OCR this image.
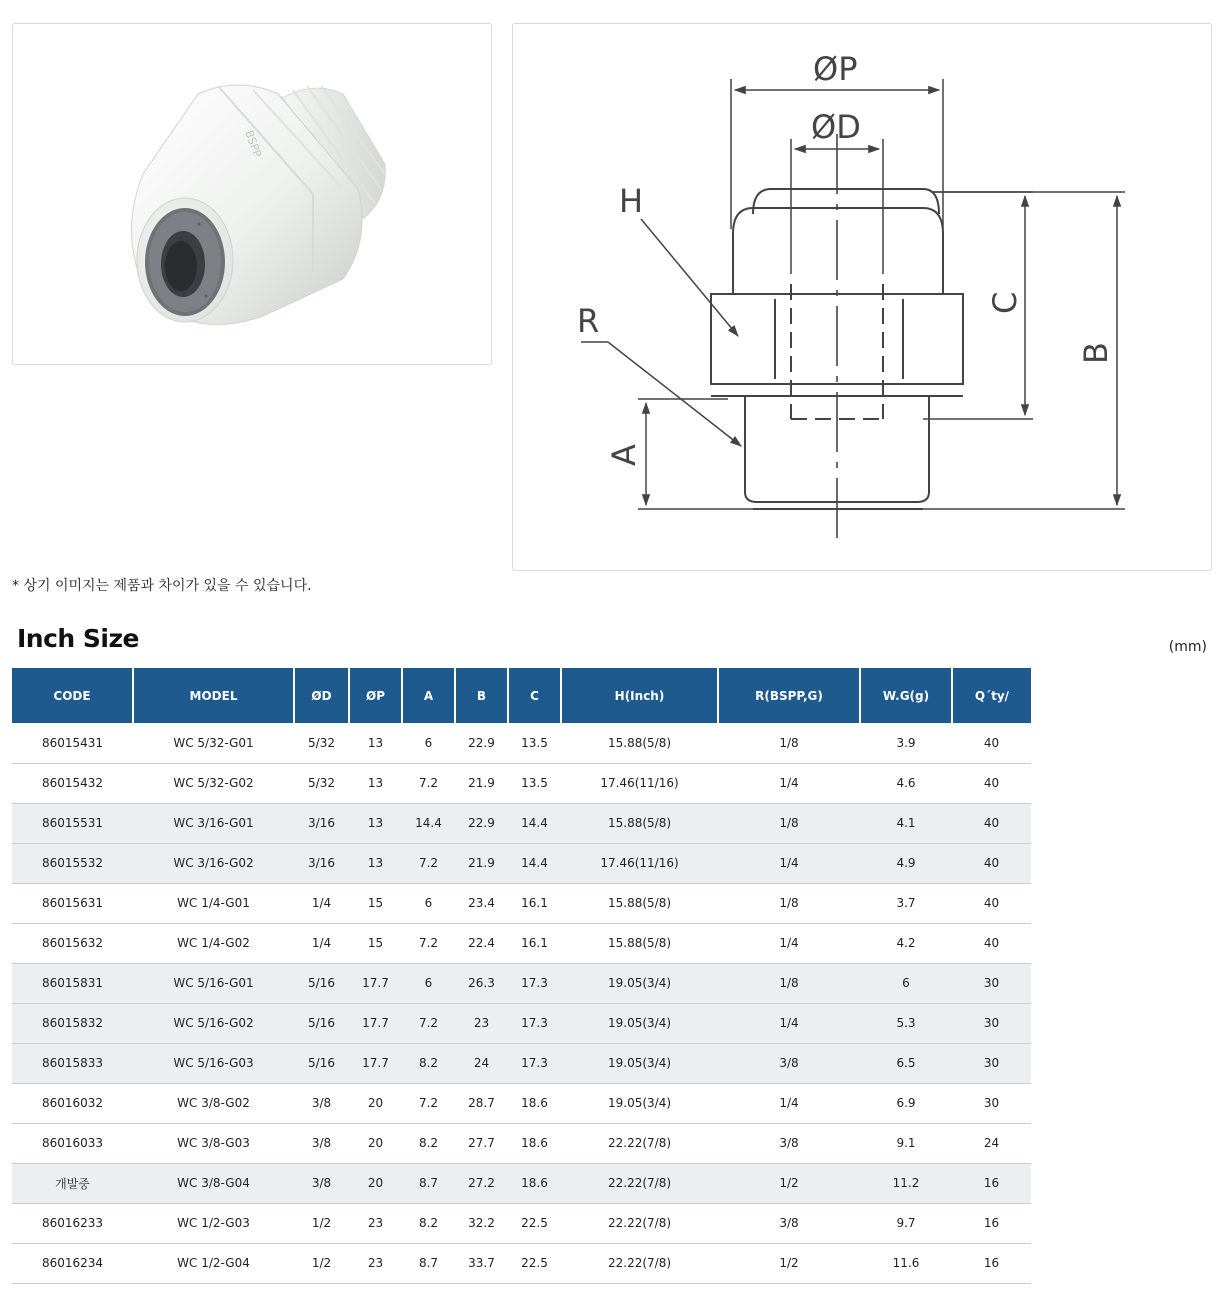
BSPP
ØP
ØD
H
R
A
C
B
* 상기 이미지는 제품과 차이가 있을 수 있습니다.
Inch Size	(mm)
CODE	MODEL	ØD	ØP	A	B	C	H(Inch)	R(BSPP,G)	W.G(g)	Q´ty/
86015431	WC 5/32-G01	5/32	13	6	22.9	13.5	15.88(5/8)	1/8	3.9	40
86015432	WC 5/32-G02	5/32	13	7.2	21.9	13.5	17.46(11/16)	1/4	4.6	40
86015531	WC 3/16-G01	3/16	13	14.4	22.9	14.4	15.88(5/8)	1/8	4.1	40
86015532	WC 3/16-G02	3/16	13	7.2	21.9	14.4	17.46(11/16)	1/4	4.9	40
86015631	WC 1/4-G01	1/4	15	6	23.4	16.1	15.88(5/8)	1/8	3.7	40
86015632	WC 1/4-G02	1/4	15	7.2	22.4	16.1	15.88(5/8)	1/4	4.2	40
86015831	WC 5/16-G01	5/16	17.7	6	26.3	17.3	19.05(3/4)	1/8	6	30
86015832	WC 5/16-G02	5/16	17.7	7.2	23	17.3	19.05(3/4)	1/4	5.3	30
86015833	WC 5/16-G03	5/16	17.7	8.2	24	17.3	19.05(3/4)	3/8	6.5	30
86016032	WC 3/8-G02	3/8	20	7.2	28.7	18.6	19.05(3/4)	1/4	6.9	30
86016033	WC 3/8-G03	3/8	20	8.2	27.7	18.6	22.22(7/8)	3/8	9.1	24
개발중	WC 3/8-G04	3/8	20	8.7	27.2	18.6	22.22(7/8)	1/2	11.2	16
86016233	WC 1/2-G03	1/2	23	8.2	32.2	22.5	22.22(7/8)	3/8	9.7	16
86016234	WC 1/2-G04	1/2	23	8.7	33.7	22.5	22.22(7/8)	1/2	11.6	16
